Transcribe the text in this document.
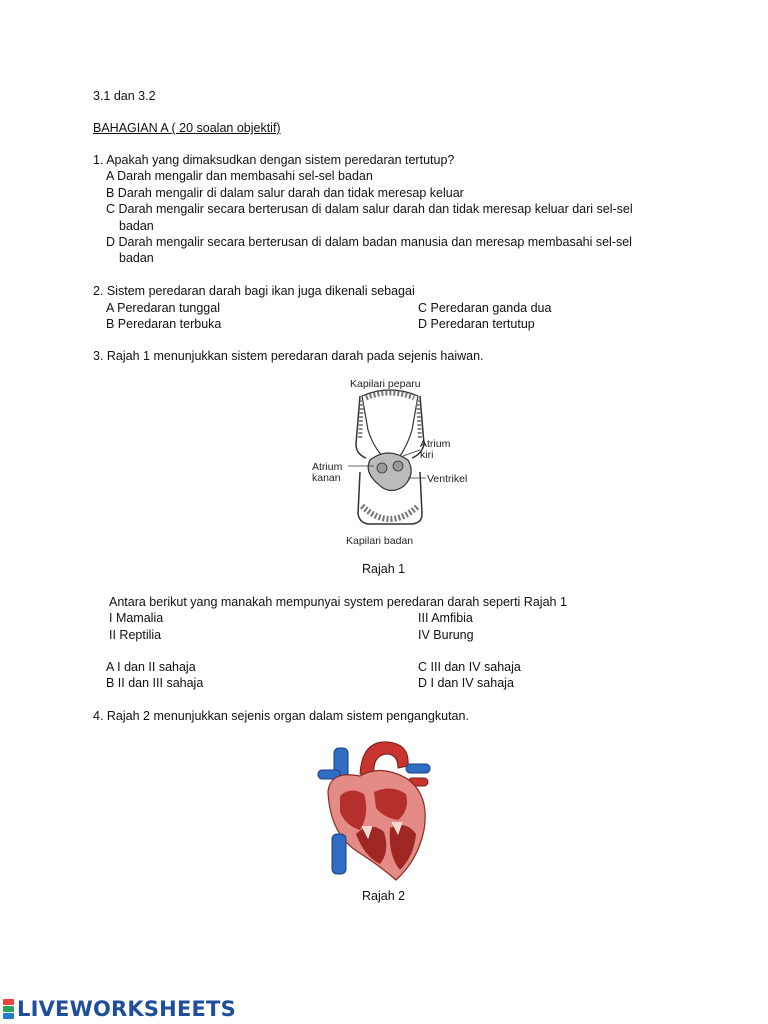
3.1 dan 3.2
BAHAGIAN A ( 20 soalan objektif)
1. Apakah yang dimaksudkan dengan sistem peredaran tertutup?
A Darah mengalir dan membasahi sel-sel badan
B Darah mengalir di dalam salur darah dan tidak meresap keluar
C Darah mengalir secara berterusan di dalam salur darah dan tidak meresap keluar dari sel-sel
badan
D Darah mengalir secara berterusan di dalam badan manusia dan meresap membasahi sel-sel
badan
2. Sistem peredaran darah bagi ikan juga dikenali sebagai
A Peredaran tunggal
B Peredaran terbuka
C Peredaran ganda dua
D Peredaran tertutup
3. Rajah 1 menunjukkan sistem peredaran darah pada sejenis haiwan.
Kapilari peparu
Atrium
kiri
Atrium
kanan	Ventrikel
Kapilari badan
Rajah 1
Antara berikut yang manakah mempunyai system peredaran darah seperti Rajah 1
I Mamalia
II Reptilia
III Amfibia
IV Burung
A I dan II sahaja
B II dan III sahaja
C III dan IV sahaja
D I dan IV sahaja
4. Rajah 2 menunjukkan sejenis organ dalam sistem pengangkutan.
Rajah 2
LIVEWORKSHEETS
